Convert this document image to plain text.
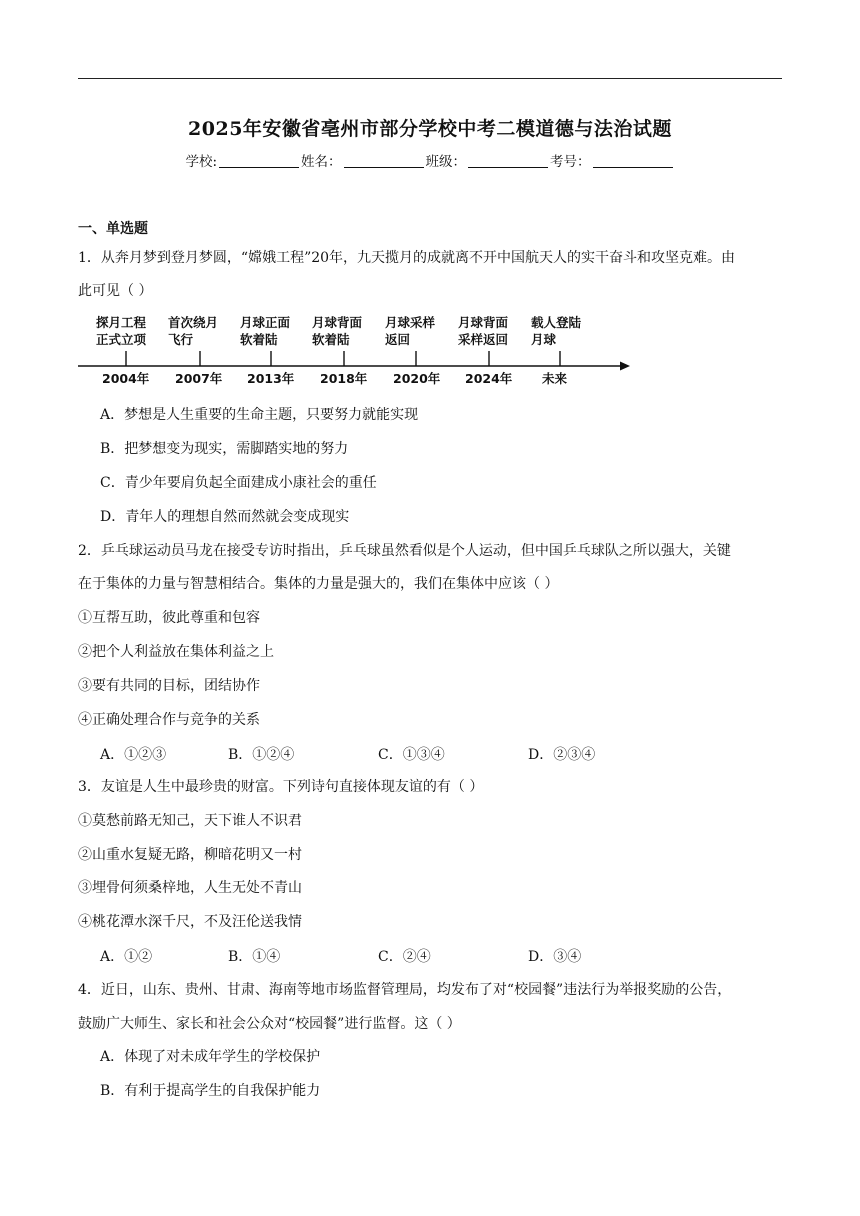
2025年安徽省亳州市部分学校中考二模道德与法治试题
学校:	姓名：	班级：	考号：
一、单选题
1．从奔月梦到登月梦圆，“嫦娥工程”20年，九天揽月的成就离不开中国航天人的实干奋斗和攻坚克难。由
此可见（ ）
探月工程
正式立项
2004年
首次绕月
飞行
2007年
月球正面
软着陆
2013年
月球背面
软着陆
2018年
月球采样
返回
2020年
月球背面
采样返回
2024年
载人登陆
月球
未来
A．梦想是人生重要的生命主题，只要努力就能实现
B．把梦想变为现实，需脚踏实地的努力
C．青少年要肩负起全面建成小康社会的重任
D．青年人的理想自然而然就会变成现实
2．乒乓球运动员马龙在接受专访时指出，乒乓球虽然看似是个人运动，但中国乒乓球队之所以强大，关键
在于集体的力量与智慧相结合。集体的力量是强大的，我们在集体中应该（ ）
①互帮互助，彼此尊重和包容
②把个人利益放在集体利益之上
③要有共同的目标，团结协作
④正确处理合作与竞争的关系
A．①②③	B．①②④	C．①③④	D．②③④
3．友谊是人生中最珍贵的财富。下列诗句直接体现友谊的有（ ）
①莫愁前路无知己，天下谁人不识君
②山重水复疑无路，柳暗花明又一村
③埋骨何须桑梓地，人生无处不青山
④桃花潭水深千尺，不及汪伦送我情
A．①②	B．①④	C．②④	D．③④
4．近日，山东、贵州、甘肃、海南等地市场监督管理局，均发布了对“校园餐”违法行为举报奖励的公告，
鼓励广大师生、家长和社会公众对“校园餐”进行监督。这（ ）
A．体现了对未成年学生的学校保护
B．有利于提高学生的自我保护能力
